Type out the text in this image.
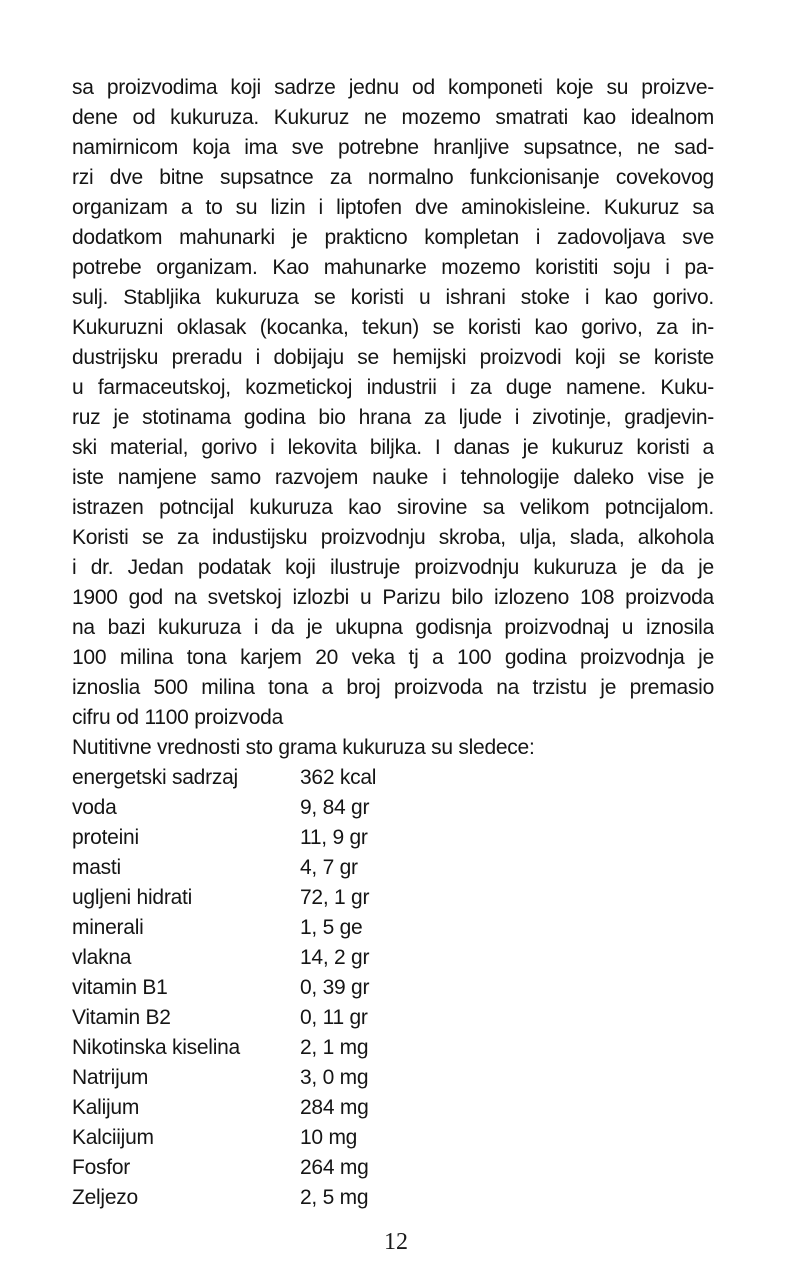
sa proizvodima koji sadrze jednu od komponeti koje su proizve-
dene od kukuruza. Kukuruz ne mozemo smatrati kao idealnom
namirnicom koja ima sve potrebne hranljive supsatnce, ne sad-
rzi dve bitne supsatnce za normalno funkcionisanje covekovog
organizam a to su lizin i liptofen dve aminokisleine. Kukuruz sa
dodatkom mahunarki je prakticno kompletan i zadovoljava sve
potrebe organizam. Kao mahunarke mozemo koristiti soju i pa-
sulj. Stabljika kukuruza se koristi u ishrani stoke i kao gorivo.
Kukuruzni oklasak (kocanka, tekun) se koristi kao gorivo, za in-
dustrijsku preradu i dobijaju se hemijski proizvodi koji se koriste
u farmaceutskoj, kozmetickoj industrii i za duge namene. Kuku-
ruz je stotinama godina bio hrana za ljude i zivotinje, gradjevin-
ski material, gorivo i lekovita biljka. I danas je kukuruz koristi a
iste namjene samo razvojem nauke i tehnologije daleko vise je
istrazen potncijal kukuruza kao sirovine sa velikom potncijalom.
Koristi se za industijsku proizvodnju skroba, ulja, slada, alkohola
i dr. Jedan podatak koji ilustruje proizvodnju kukuruza je da je
1900 god na svetskoj izlozbi u Parizu bilo izlozeno 108 proizvoda
na bazi kukuruza i da je ukupna godisnja proizvodnaj u iznosila
100 milina tona karjem 20 veka tj a 100 godina proizvodnja je
iznoslia 500 milina tona a broj proizvoda na trzistu je premasio
cifru od 1100 proizvoda
Nutitivne vrednosti sto grama kukuruza su sledece:
energetski sadrzaj	362 kcal
voda	9, 84 gr
proteini	11, 9 gr
masti	4, 7 gr
ugljeni hidrati	72, 1 gr
minerali	1, 5 ge
vlakna	14, 2 gr
vitamin B1	0, 39 gr
Vitamin B2	0, 11 gr
Nikotinska kiselina	2, 1 mg
Natrijum	3, 0 mg
Kalijum	284 mg
Kalciijum	10 mg
Fosfor	264 mg
Zeljezo	2, 5 mg
12
